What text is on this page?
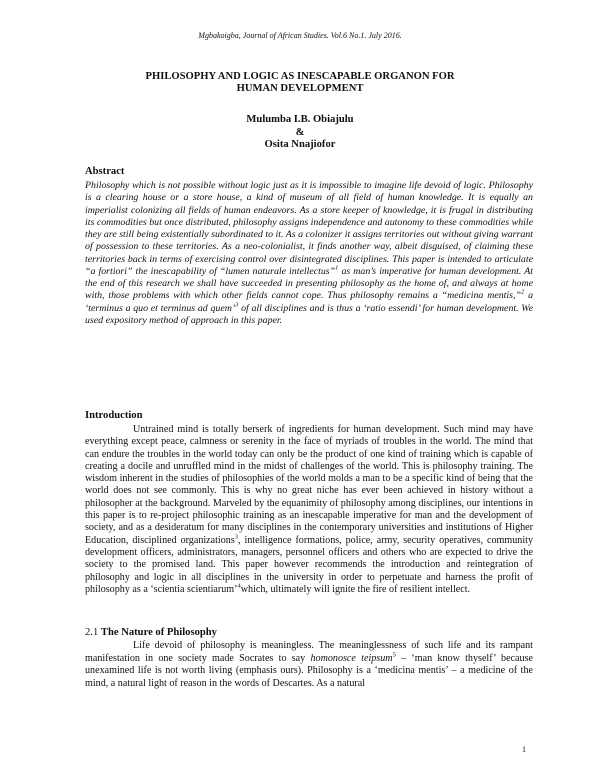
Mgbakoigba, Journal of African Studies. Vol.6 No.1. July 2016.
PHILOSOPHY AND LOGIC AS INESCAPABLE ORGANON FOR
HUMAN DEVELOPMENT
Mulumba I.B. Obiajulu
&
Osita Nnajiofor
Abstract
Philosophy which is not possible without logic just as it is impossible to imagine life devoid of logic. Philosophy is a clearing house or a store house, a kind of museum of all field of human knowledge. It is equally an imperialist colonizing all fields of human endeavors. As a store keeper of knowledge, it is frugal in distributing its commodities but once distributed, philosophy assigns independence and autonomy to these commodities while they are still being existentially subordinated to it. As a colonizer it assigns territories out without giving warrant of possession to these territories. As a neo-colonialist, it finds another way, albeit disguised, of claiming these territories back in terms of exercising control over disintegrated disciplines. This paper is intended to articulate “a fortiori” the inescapability of “lumen naturale intellectus”$^1$ as man’s imperative for human development. At the end of this research we shall have succeeded in presenting philosophy as the home of, and always at home with, those problems with which other fields cannot cope. Thus philosophy remains a “medicina mentis,”$^2$ a ‘terminus a quo et terminus ad quem’$^3$ of all disciplines and is thus a ‘ratio essendi’ for human development. We used expository method of approach in this paper.
Introduction

Untrained mind is totally berserk of ingredients for human development. Such mind may have everything except peace, calmness or serenity in the face of myriads of troubles in the world. The mind that can endure the troubles in the world today can only be the product of one kind of training which is capable of creating a docile and unruffled mind in the midst of challenges of the world. This is philosophy training. The wisdom inherent in the studies of philosophies of the world molds a man to be a specific kind of being that the world does not see commonly. This is why no great niche has ever been achieved in history without a philosopher at the background. Marveled by the equanimity of philosophy among disciplines, our intentions in this paper is to re-project philosophic training as an inescapable imperative for man and the development of society, and as a desideratum for many disciplines in the contemporary universities and institutions of Higher Education, disciplined organizations$^3$, intelligence formations, police, army, security operatives, community development officers, administrators, managers, personnel officers and others who are expected to drive the society to the promised land. This paper however recommends the introduction and reintegration of philosophy and logic in all disciplines in the university in order to perpetuate and harness the profit of philosophy as a ‘scientia scientiarum’$^4$which, ultimately will ignite the fire of resilient intellect.

2.1 The Nature of Philosophy

Life devoid of philosophy is meaningless. The meaninglessness of such life and its rampant manifestation in one society made Socrates to say homonosce teipsum$^5$ – ‘man know thyself’ because unexamined life is not worth living (emphasis ours). Philosophy is a ‘medicina mentis’ – a medicine of the mind, a natural light of reason in the words of Descartes. As a natural

1
